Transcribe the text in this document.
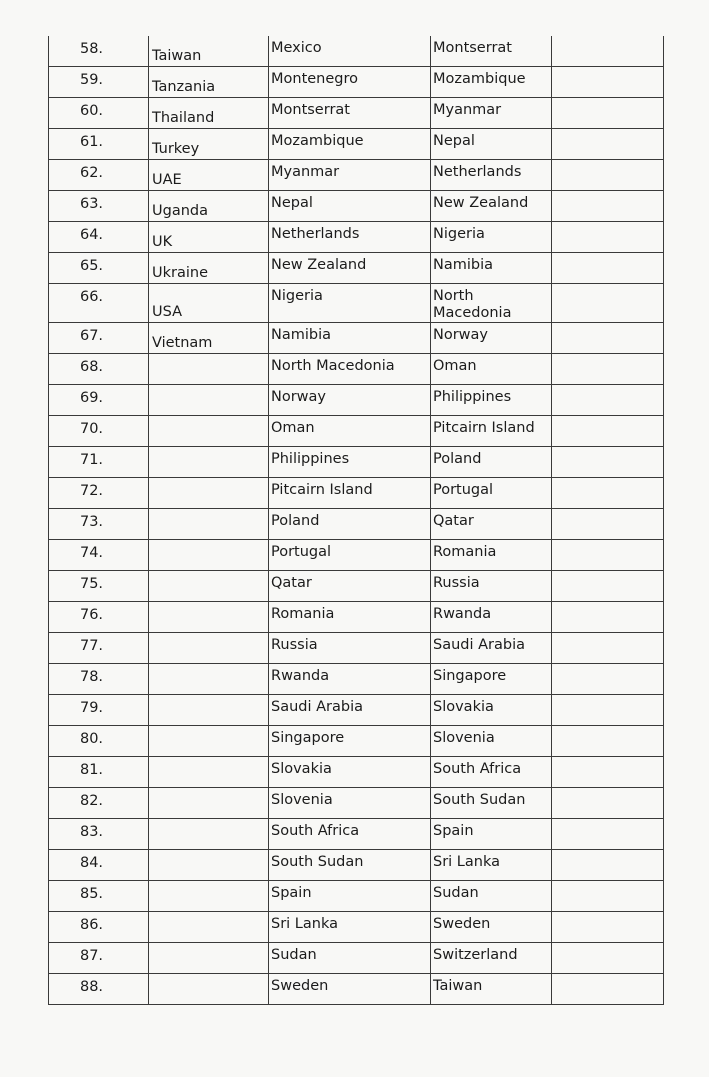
58.	Taiwan	Mexico	Montserrat	
59.	Tanzania	Montenegro	Mozambique	
60.	Thailand	Montserrat	Myanmar	
61.	Turkey	Mozambique	Nepal	
62.	UAE	Myanmar	Netherlands	
63.	Uganda	Nepal	New Zealand	
64.	UK	Netherlands	Nigeria	
65.	Ukraine	New Zealand	Namibia	
66.	USA	Nigeria	North Macedonia	
67.	Vietnam	Namibia	Norway	
68.		North Macedonia	Oman	
69.		Norway	Philippines	
70.		Oman	Pitcairn Island	
71.		Philippines	Poland	
72.		Pitcairn Island	Portugal	
73.		Poland	Qatar	
74.		Portugal	Romania	
75.		Qatar	Russia	
76.		Romania	Rwanda	
77.		Russia	Saudi Arabia	
78.		Rwanda	Singapore	
79.		Saudi Arabia	Slovakia	
80.		Singapore	Slovenia	
81.		Slovakia	South Africa	
82.		Slovenia	South Sudan	
83.		South Africa	Spain	
84.		South Sudan	Sri Lanka	
85.		Spain	Sudan	
86.		Sri Lanka	Sweden	
87.		Sudan	Switzerland	
88.		Sweden	Taiwan	
